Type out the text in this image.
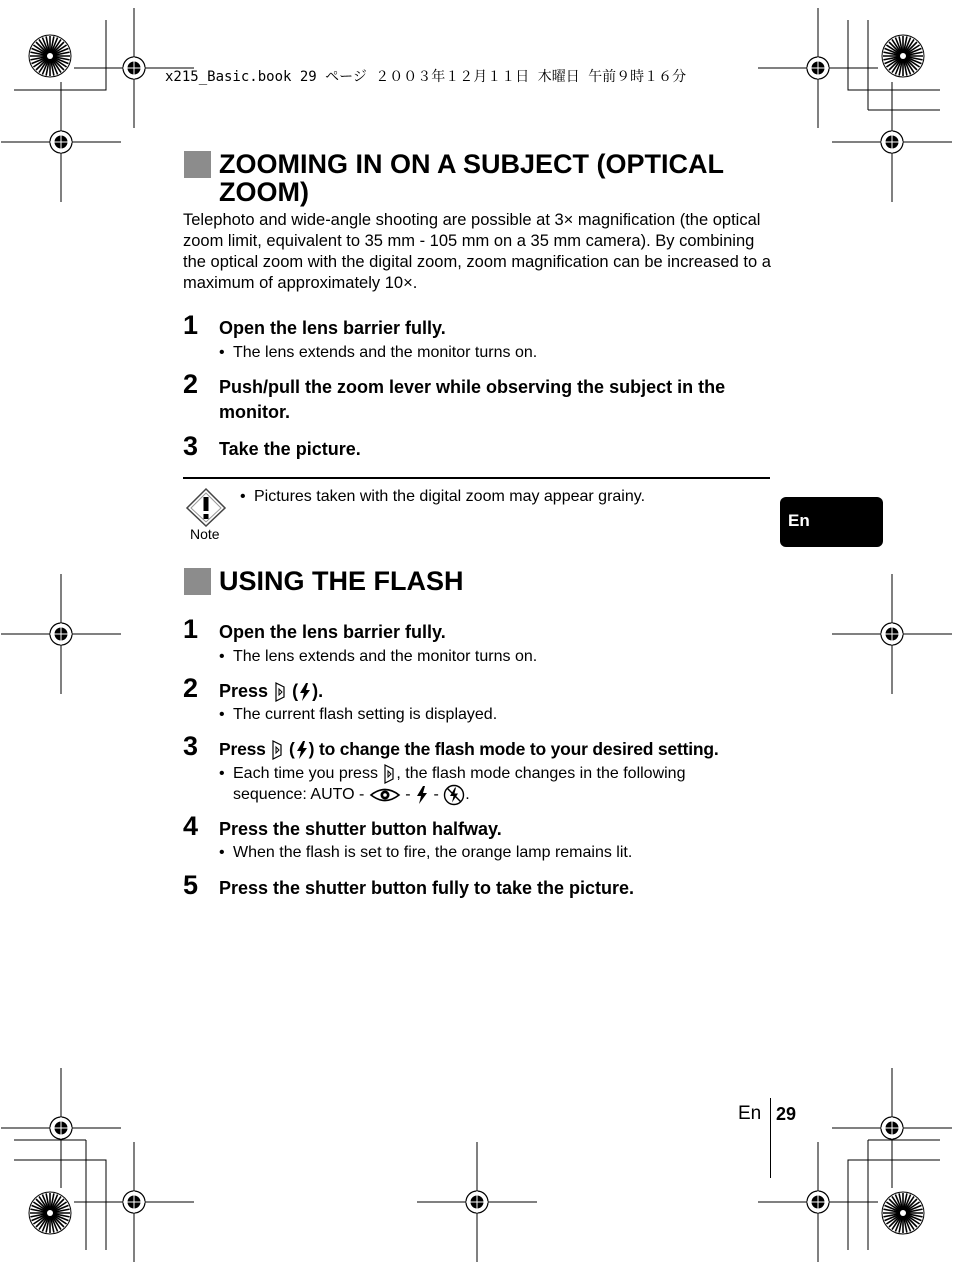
x215_Basic.book 29 ページ ２００３年１２月１１日 木曜日 午前９時１６分
ZOOMING IN ON A SUBJECT (OPTICAL ZOOM)
Telephoto and wide-angle shooting are possible at 3× magnification (the optical zoom limit, equivalent to 35 mm - 105 mm on a 35 mm camera). By combining the optical zoom with the digital zoom, zoom magnification can be increased to a maximum of approximately 10×.
1 Open the lens barrier fully.
• The lens extends and the monitor turns on.
2 Push/pull the zoom lever while observing the subject in the monitor.
3 Take the picture.
Note
• Pictures taken with the digital zoom may appear grainy.
En
USING THE FLASH
1 Open the lens barrier fully.
• The lens extends and the monitor turns on.
2 Press ( ).
• The current flash setting is displayed.
3 Press ( ) to change the flash mode to your desired setting.
• Each time you press , the flash mode changes in the following
sequence: AUTO -	- - .
4 Press the shutter button halfway.
• When the flash is set to fire, the orange lamp remains lit.
5 Press the shutter button fully to take the picture.
En 29
